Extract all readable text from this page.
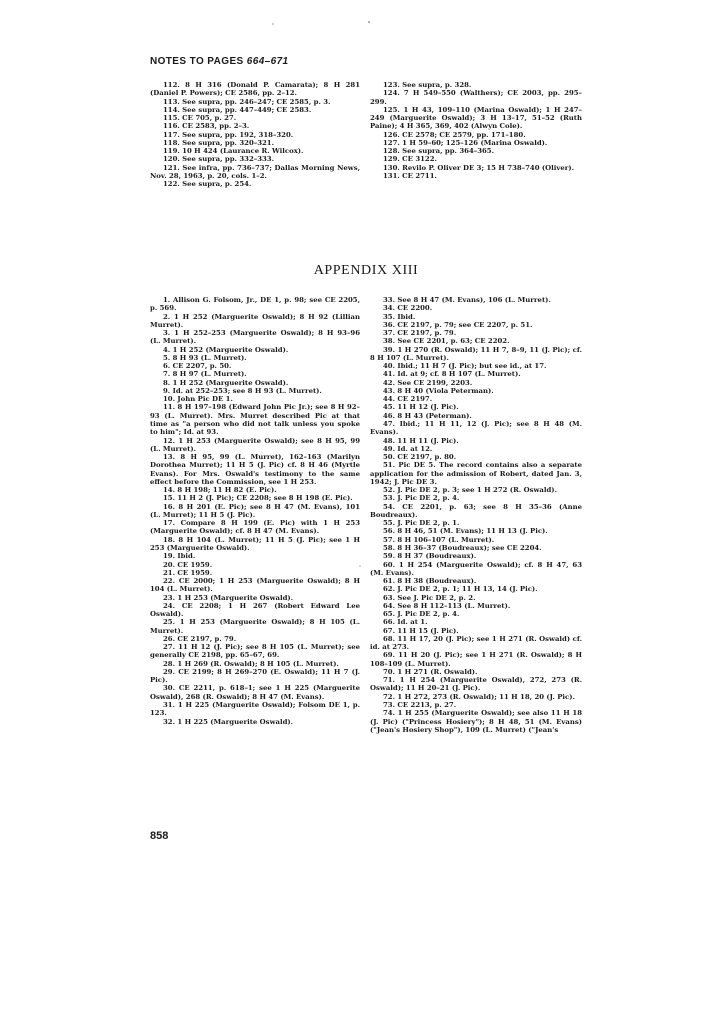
NOTES TO PAGES 664–671

112. 8 H 316 (Donald P. Camarata); 8 H 281 (Daniel P. Powers); CE 2586, pp. 2–12.

113. See supra, pp. 246–247; CE 2585, p. 3.

114. See supra, pp. 447–449; CE 2583.

115. CE 705, p. 27.

116. CE 2583, pp. 2–3.

117. See supra, pp. 192, 318–320.

118. See supra, pp. 320–321.

119. 10 H 424 (Laurance R. Wilcox).

120. See supra, pp. 332–333.

121. See infra, pp. 736–737; Dallas Morning News, Nov. 28, 1963, p. 20, cols. 1–2.

122. See supra, p. 254.

123. See supra, p. 328.

124. 7 H 549–550 (Walthers); CE 2003, pp. 295–299.

125. 1 H 43, 109–110 (Marina Oswald); 1 H 247–249 (Marguerite Oswald); 3 H 13–17, 51–52 (Ruth Paine); 4 H 365, 369, 402 (Alwyn Cole).

126. CE 2578; CE 2579, pp. 171–180.

127. 1 H 59–60; 125–126 (Marina Oswald).

128. See supra, pp. 364–365.

129. CE 3122.

130. Revilo P. Oliver DE 3; 15 H 738–740 (Oliver).

131. CE 2711.

APPENDIX XIII

1. Allison G. Folsom, Jr., DE 1, p. 98; see CE 2205, p. 569.

2. 1 H 252 (Marguerite Oswald); 8 H 92 (Lillian Murret).

3. 1 H 252–253 (Marguerite Oswald); 8 H 93–96 (L. Murret).

4. 1 H 252 (Marguerite Oswald).

5. 8 H 93 (L. Murret).

6. CE 2207, p. 50.

7. 8 H 97 (L. Murret).

8. 1 H 252 (Marguerite Oswald).

9. Id. at 252–253; see 8 H 93 (L. Murret).

10. John Pic DE 1.

11. 8 H 197–198 (Edward John Pic Jr.); see 8 H 92–93 (L. Murret). Mrs. Murret described Pic at that time as "a person who did not talk unless you spoke to him"; Id. at 93.

12. 1 H 253 (Marguerite Oswald); see 8 H 95, 99 (L. Murret).

13. 8 H 95, 99 (L. Murret), 162–163 (Marilyn Dorothea Murret); 11 H 5 (J. Pic) cf. 8 H 46 (Myrtle Evans). For Mrs. Oswald's testimony to the same effect before the Commission, see 1 H 253.

14. 8 H 198; 11 H 82 (E. Pic).

15. 11 H 2 (J. Pic); CE 2208; see 8 H 198 (E. Pic).

16. 8 H 201 (E. Pic); see 8 H 47 (M. Evans), 101 (L. Murret); 11 H 5 (J. Pic).

17. Compare 8 H 199 (E. Pic) with 1 H 253 (Marguerite Oswald); cf. 8 H 47 (M. Evans).

18. 8 H 104 (L. Murret); 11 H 5 (J. Pic); see 1 H 253 (Marguerite Oswald).

19. Ibid.

20. CE 1959.

21. CE 1959.

22. CE 2000; 1 H 253 (Marguerite Oswald); 8 H 104 (L. Murret).

23. 1 H 253 (Marguerite Oswald).

24. CE 2208; 1 H 267 (Robert Edward Lee Oswald).

25. 1 H 253 (Marguerite Oswald); 8 H 105 (L. Murret).

26. CE 2197, p. 79.

27. 11 H 12 (J. Pic); see 8 H 105 (L. Murret); see generally CE 2198, pp. 65–67, 69.

28. 1 H 269 (R. Oswald); 8 H 105 (L. Murret).

29. CE 2199; 8 H 269–270 (E. Oswald); 11 H 7 (J. Pic).

30. CE 2211, p. 618–1; see 1 H 225 (Marguerite Oswald), 268 (R. Oswald); 8 H 47 (M. Evans).

31. 1 H 225 (Marguerite Oswald); Folsom DE 1, p. 123.

32. 1 H 225 (Marguerite Oswald).

33. See 8 H 47 (M. Evans), 106 (L. Murret).

34. CE 2200.

35. Ibid.

36. CE 2197, p. 79; see CE 2207, p. 51.

37. CE 2197, p. 79.

38. See CE 2201, p. 63; CE 2202.

39. 1 H 270 (R. Oswald); 11 H 7, 8–9, 11 (J. Pic); cf. 8 H 107 (L. Murret).

40. Ibid.; 11 H 7 (J. Pic); but see id., at 17.

41. Id. at 9; cf. 8 H 107 (L. Murret).

42. See CE 2199, 2203.

43. 8 H 40 (Viola Peterman).

44. CE 2197.

45. 11 H 12 (J. Pic).

46. 8 H 43 (Peterman).

47. Ibid.; 11 H 11, 12 (J. Pic); see 8 H 48 (M. Evans).

48. 11 H 11 (J. Pic).

49. Id. at 12.

50. CE 2197, p. 80.

51. Pic DE 5. The record contains also a separate application for the admission of Robert, dated Jan. 3, 1942; J. Pic DE 3.

52. J. Pic DE 2, p. 3; see 1 H 272 (R. Oswald).

53. J. Pic DE 2, p. 4.

54. CE 2201, p. 63; see 8 H 35–36 (Anne Boudreaux).

55. J. Pic DE 2, p. 1.

56. 8 H 46, 51 (M. Evans); 11 H 13 (J. Pic).

57. 8 H 106–107 (L. Murret).

58. 8 H 36–37 (Boudreaux); see CE 2204.

59. 8 H 37 (Boudreaux).

60. 1 H 254 (Marguerite Oswald); cf. 8 H 47, 63 (M. Evans).

61. 8 H 38 (Boudreaux).

62. J. Pic DE 2, p. 1; 11 H 13, 14 (J. Pic).

63. See J. Pic DE 2, p. 2.

64. See 8 H 112–113 (L. Murret).

65. J. Pic DE 2, p. 4.

66. Id. at 1.

67. 11 H 15 (J. Pic).

68. 11 H 17, 20 (J. Pic); see 1 H 271 (R. Oswald) cf. id. at 273.

69. 11 H 20 (J. Pic); see 1 H 271 (R. Oswald); 8 H 108–109 (L. Murret).

70. 1 H 271 (R. Oswald).

71. 1 H 254 (Marguerite Oswald), 272, 273 (R. Oswald); 11 H 20–21 (J. Pic).

72. 1 H 272, 273 (R. Oswald); 11 H 18, 20 (J. Pic).

73. CE 2213, p. 27.

74. 1 H 255 (Marguerite Oswald); see also 11 H 18 (J. Pic) ("Princess Hosiery"); 8 H 48, 51 (M. Evans) ("Jean's Hosiery Shop"), 109 (L. Murret) ("Jean's

858
